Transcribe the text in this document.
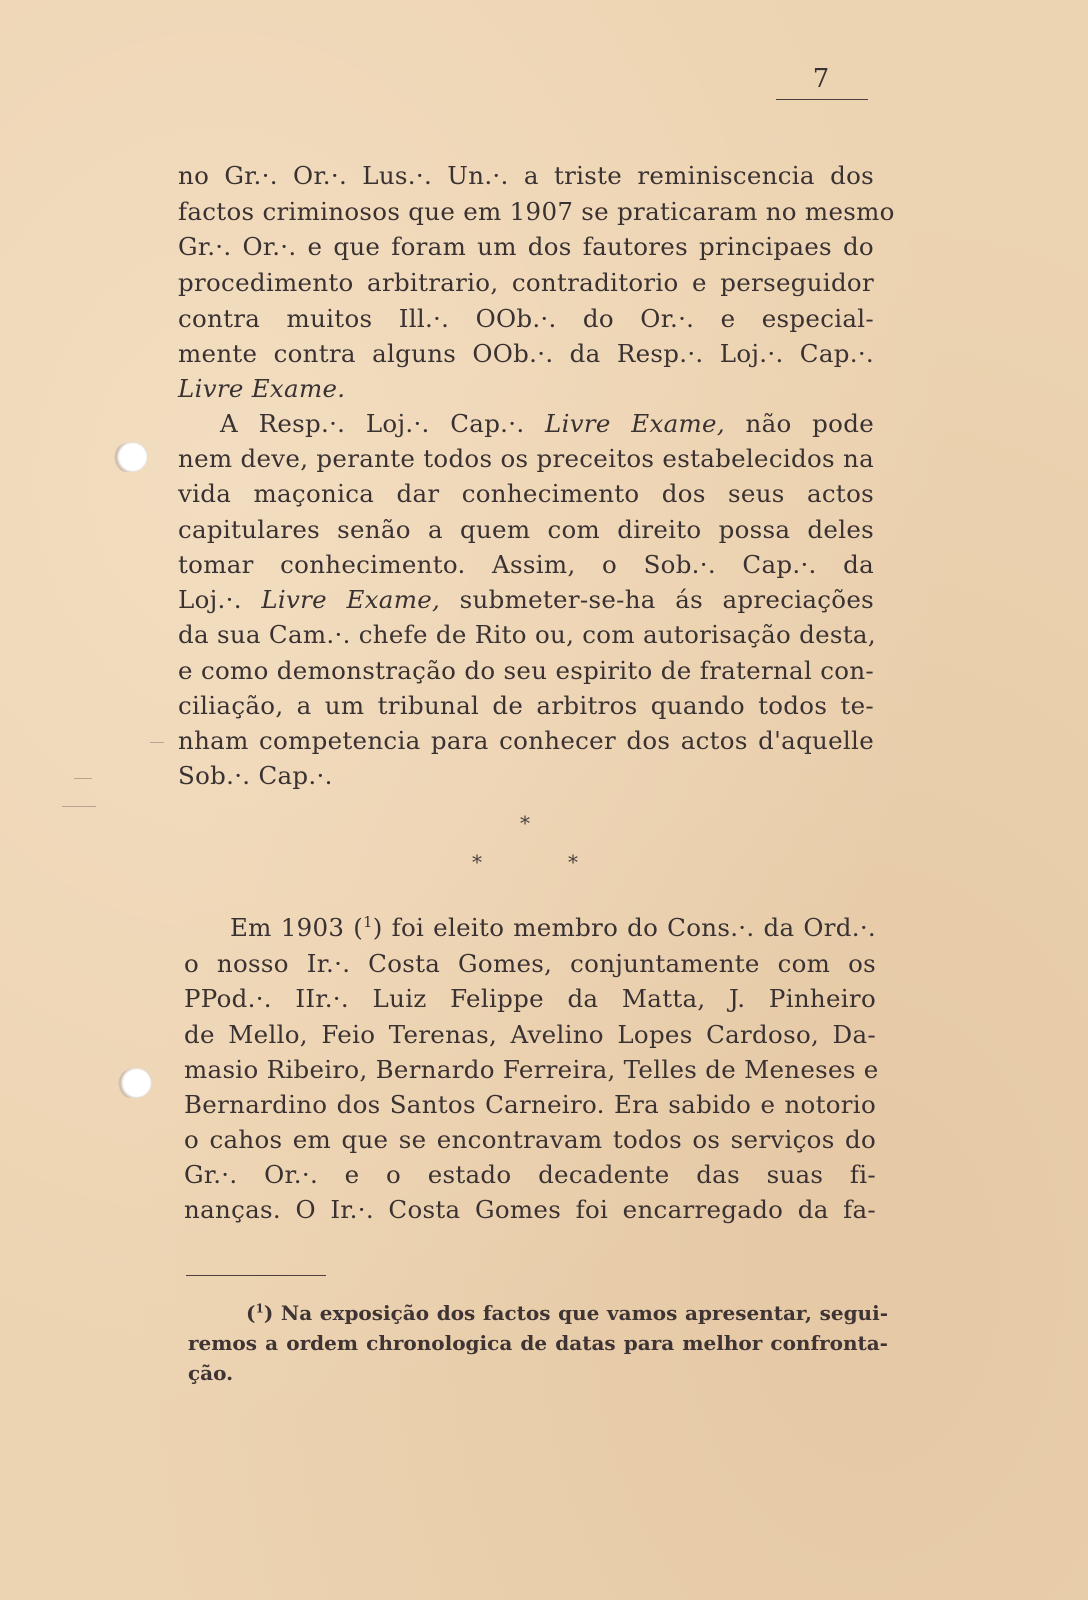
7
no Gr.·. Or.·. Lus.·. Un.·. a triste reminiscencia dos
factos criminosos que em 1907 se praticaram no mesmo
Gr.·. Or.·. e que foram um dos fautores principaes do
procedimento arbitrario, contraditorio e perseguidor
contra muitos Ill.·. OOb.·. do Or.·. e especial-
mente contra alguns OOb.·. da Resp.·. Loj.·. Cap.·.
Livre Exame.
A Resp.·. Loj.·. Cap.·. Livre Exame, não pode
nem deve, perante todos os preceitos estabelecidos na
vida maçonica dar conhecimento dos seus actos
capitulares senão a quem com direito possa deles
tomar conhecimento. Assim, o Sob.·. Cap.·. da
Loj.·. Livre Exame, submeter-se-ha ás apreciações
da sua Cam.·. chefe de Rito ou, com autorisação desta,
e como demonstração do seu espirito de fraternal con-
ciliação, a um tribunal de arbitros quando todos te-
nham competencia para conhecer dos actos d'aquelle
Sob.·. Cap.·.
*
*	*
Em 1903 ($^1$) foi eleito membro do Cons.·. da Ord.·.
o nosso Ir.·. Costa Gomes, conjuntamente com os
PPod.·. IIr.·. Luiz Felippe da Matta, J. Pinheiro
de Mello, Feio Terenas, Avelino Lopes Cardoso, Da-
masio Ribeiro, Bernardo Ferreira, Telles de Meneses e
Bernardino dos Santos Carneiro. Era sabido e notorio
o cahos em que se encontravam todos os serviços do
Gr.·. Or.·. e o estado decadente das suas fi-
nanças. O Ir.·. Costa Gomes foi encarregado da fa-
($^1$) Na exposição dos factos que vamos apresentar, segui-
remos a ordem chronologica de datas para melhor confronta-
ção.
